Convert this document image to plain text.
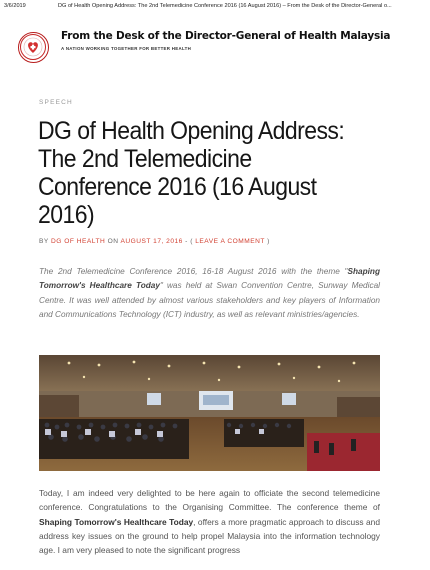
3/6/2019	DG of Health Opening Address: The 2nd Telemedicine Conference 2016 (16 August 2016) – From the Desk of the Director-General o...
From the Desk of the Director-General of Health Malaysia
A NATION WORKING TOGETHER FOR BETTER HEALTH
SPEECH
DG of Health Opening Address: The 2nd Telemedicine Conference 2016 (16 August 2016)
BY DG OF HEALTH ON AUGUST 17, 2016 - ( LEAVE A COMMENT )

The 2nd Telemedicine Conference 2016, 16-18 August 2016 with the theme "Shaping Tomorrow's Healthcare Today" was held at Swan Convention Centre, Sunway Medical Centre. It was well attended by almost various stakeholders and key players of Information and Communications Technology (ICT) industry, as well as relevant ministries/agencies.

Today, I am indeed very delighted to be here again to officiate the second telemedicine conference. Congratulations to the Organising Committee. The conference theme of Shaping Tomorrow's Healthcare Today, offers a more pragmatic approach to discuss and address key issues on the ground to help propel Malaysia into the information technology age. I am very pleased to note the significant progress
